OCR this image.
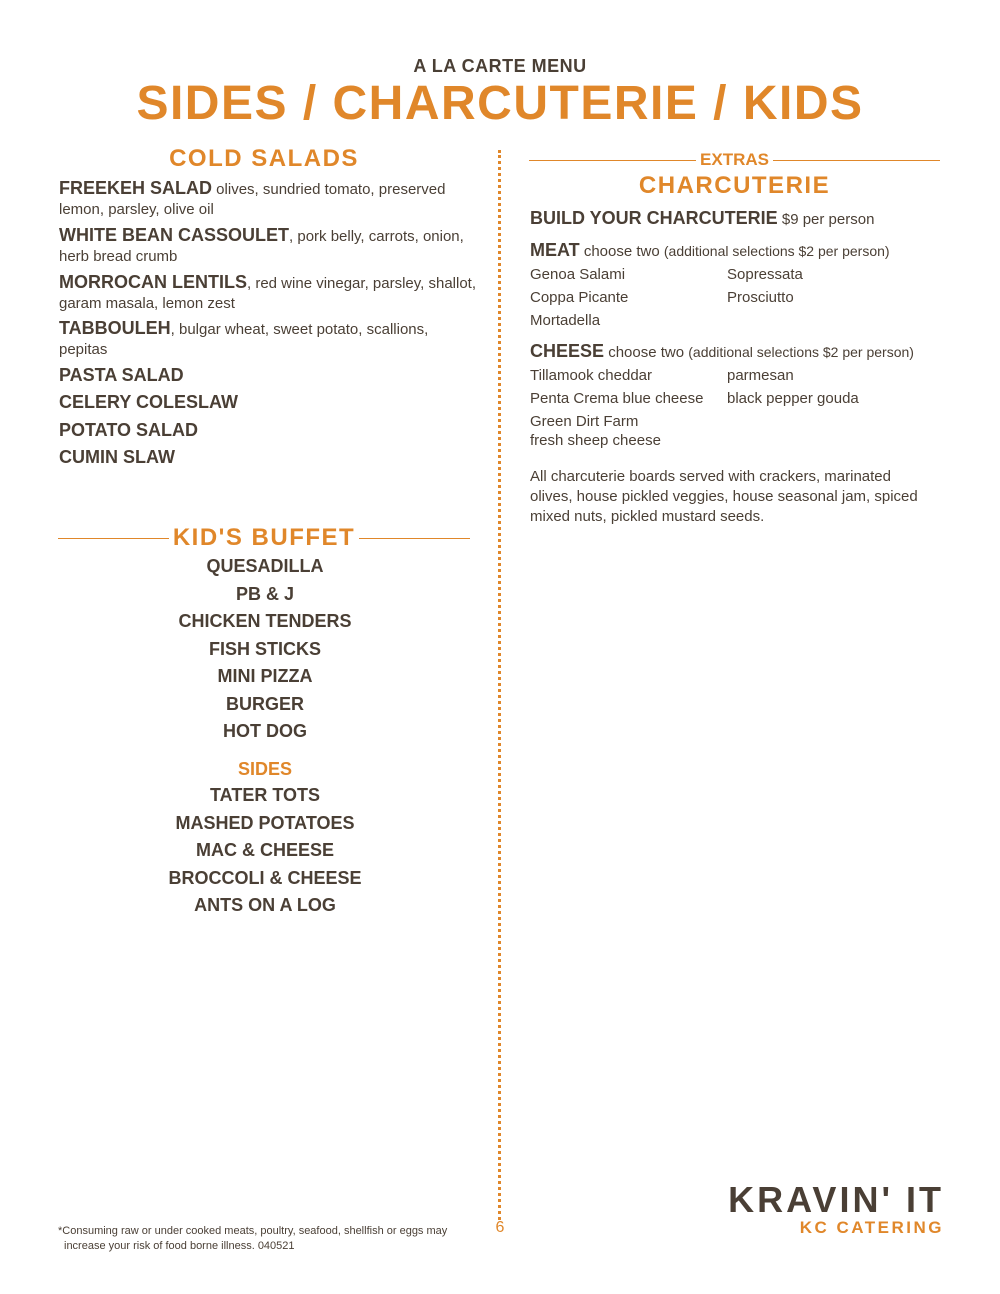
A LA CARTE MENU
SIDES / CHARCUTERIE / KIDS
COLD SALADS
FREEKEH SALAD olives, sundried tomato, preserved
lemon, parsley, olive oil
WHITE BEAN CASSOULET, pork belly, carrots, onion,
herb bread crumb
MORROCAN LENTILS, red wine vinegar, parsley, shallot,
garam masala, lemon zest
TABBOULEH, bulgar wheat, sweet potato, scallions,
pepitas
PASTA SALAD
CELERY COLESLAW
POTATO SALAD
CUMIN SLAW
KID'S BUFFET
QUESADILLA
PB & J
CHICKEN TENDERS
FISH STICKS
MINI PIZZA
BURGER
HOT DOG
SIDES
TATER TOTS
MASHED POTATOES
MAC & CHEESE
BROCCOLI & CHEESE
ANTS ON A LOG
EXTRAS
CHARCUTERIE
BUILD YOUR CHARCUTERIE $9 per person
MEAT choose two (additional selections $2 per person)
Genoa Salami	Sopressata
Coppa Picante	Prosciutto
Mortadella
CHEESE choose two (additional selections $2 per person)
Tillamook cheddar	parmesan
Penta Crema blue cheese	black pepper gouda
Green Dirt Farm
fresh sheep cheese
All charcuterie boards served with crackers, marinated
olives, house pickled veggies, house seasonal jam, spiced
mixed nuts, pickled mustard seeds.
*Consuming raw or under cooked meats, poultry, seafood, shellfish or eggs may
increase your risk of food borne illness. 040521
6
KRAVIN' IT
KC CATERING
